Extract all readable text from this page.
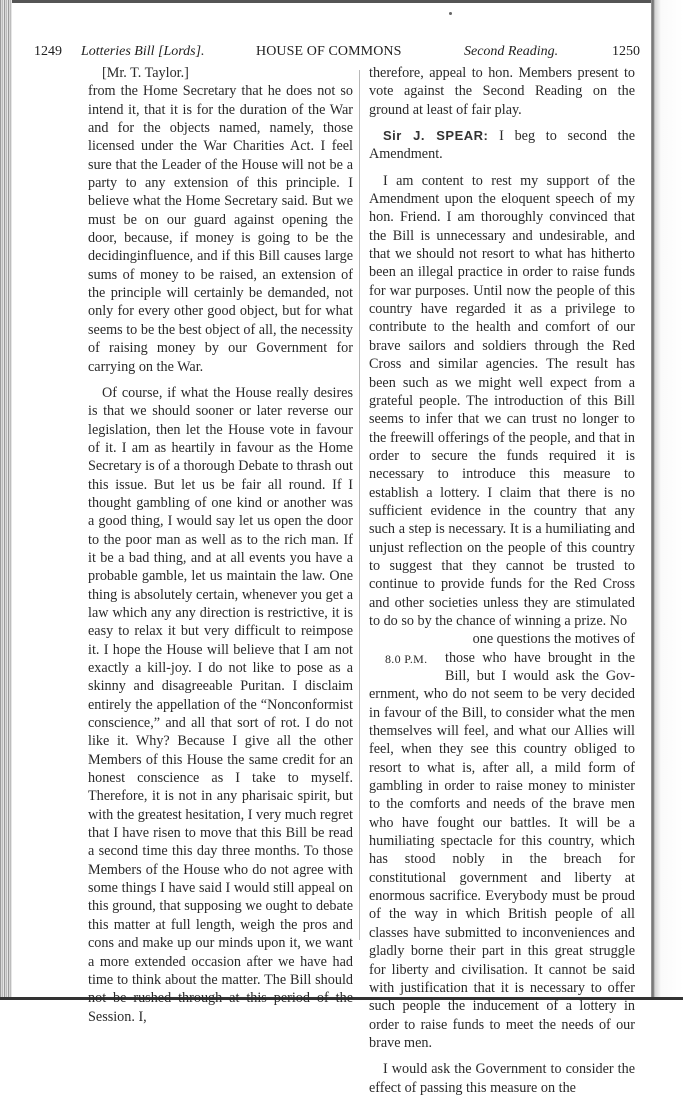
1249 Lotteries Bill [Lords].	HOUSE OF COMMONS	Second Reading.	1250

[Mr. T. Taylor.]

from the Home Secretary that he does not so intend it, that it is for the duration of the War and for the objects named, namely, those licensed under the War Charities Act. I feel sure that the Leader of the House will not be a party to any extension of this principle. I believe what the Home Secretary said. But we must be on our guard against opening the door, because, if money is going to be the decidinginfluence, and if this Bill causes large sums of money to be raised, an extension of the principle will certainly be demanded, not only for every other good object, but for what seems to be the best object of all, the necessity of raising money by our Government for carrying on the War.

Of course, if what the House really desires is that we should sooner or later reverse our legislation, then let the House vote in favour of it. I am as heartily in favour as the Home Secretary is of a thorough Debate to thrash out this issue. But let us be fair all round. If I thought gambling of one kind or another was a good thing, I would say let us open the door to the poor man as well as to the rich man. If it be a bad thing, and at all events you have a probable gamble, let us maintain the law. One thing is absolutely certain, whenever you get a law which any any direction is restrictive, it is easy to relax it but very difficult to reimpose it. I hope the House will believe that I am not exactly a kill-joy. I do not like to pose as a skinny and disagreeable Puritan. I disclaim entirely the appellation of the “Nonconformist conscience,” and all that sort of rot. I do not like it. Why? Because I give all the other Members of this House the same credit for an honest conscience as I take to myself. Therefore, it is not in any pharisaic spirit, but with the greatest hesitation, I very much regret that I have risen to move that this Bill be read a second time this day three months. To those Members of the House who do not agree with some things I have said I would still appeal on this ground, that supposing we ought to debate this matter at full length, weigh the pros and cons and make up our minds upon it, we want a more extended occasion after we have had time to think about the matter. The Bill should not be rushed through at this period of the Session. I,

therefore, appeal to hon. Members present to vote against the Second Reading on the ground at least of fair play.

Sir J. SPEAR: I beg to second the Amendment.

I am content to rest my support of the Amendment upon the eloquent speech of my hon. Friend. I am thoroughly convinced that the Bill is unnecessary and undesirable, and that we should not resort to what has hitherto been an illegal practice in order to raise funds for war purposes. Until now the people of this country have regarded it as a privilege to contribute to the health and comfort of our brave sailors and soldiers through the Red Cross and similar agencies. The result has been such as we might well expect from a grateful people. The introduction of this Bill seems to infer that we can trust no longer to the freewill offerings of the people, and that in order to secure the funds required it is necessary to introduce this measure to establish a lottery. I claim that there is no sufficient evidence in the country that any such a step is necessary. It is a humiliating and unjust reflection on the people of this country to suggest that they cannot be trusted to continue to provide funds for the Red Cross and other societies unless they are stimulated to do so by the chance of winning a prize. No

one questions the motives of

8.0 P.M.	those who have brought in the

Bill, but I would ask the Gov-

ernment, who do not seem to be very decided in favour of the Bill, to consider what the men themselves will feel, and what our Allies will feel, when they see this country obliged to resort to what is, after all, a mild form of gambling in order to raise money to minister to the comforts and needs of the brave men who have fought our battles. It will be a humiliating spectacle for this country, which has stood nobly in the breach for constitutional government and liberty at enormous sacrifice. Everybody must be proud of the way in which British people of all classes have submitted to inconveniences and gladly borne their part in this great struggle for liberty and civilisation. It cannot be said with justification that it is necessary to offer such people the inducement of a lottery in order to raise funds to meet the needs of our brave men.

I would ask the Government to consider the effect of passing this measure on the
